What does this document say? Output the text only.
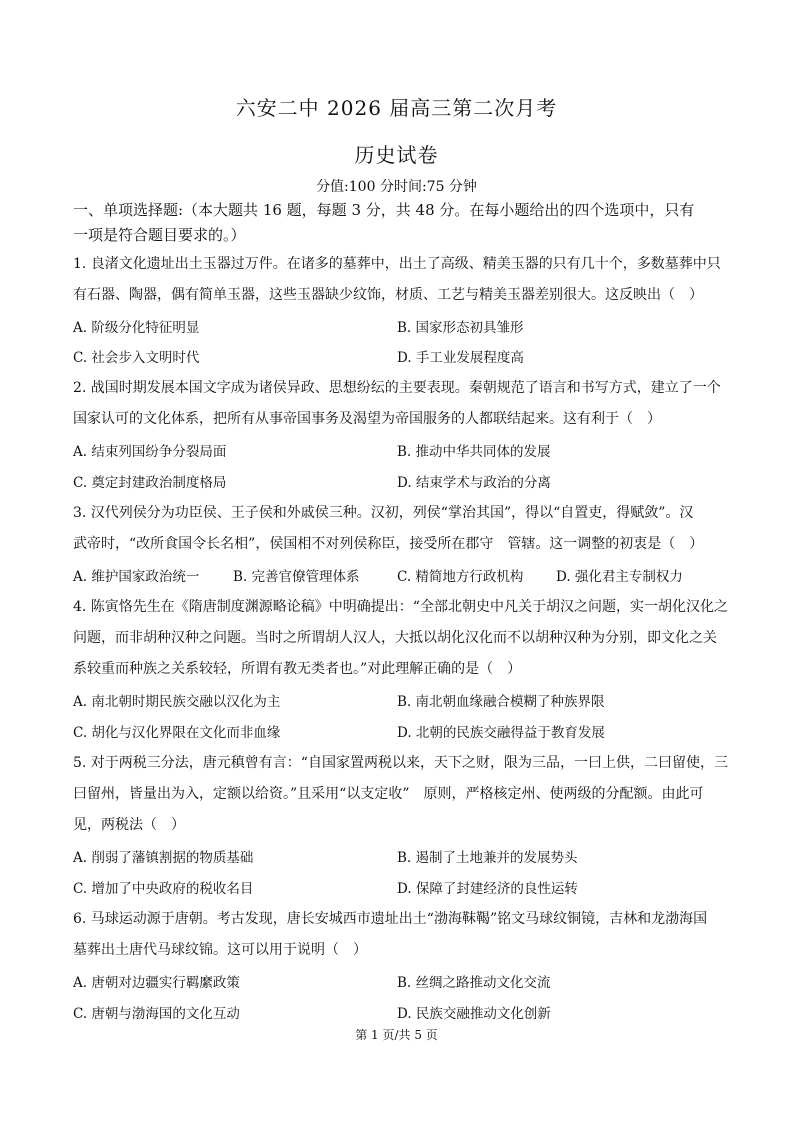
六安二中 2026 届高三第二次月考
历史试卷
分值:100 分时间:75 分钟
一、单项选择题:（本大题共 16 题，每题 3 分，共 48 分。在每小题给出的四个选项中，只有
一项是符合题目要求的。）
1. 良渚文化遗址出土玉器过万件。在诸多的墓葬中，出土了高级、精美玉器的只有几十个，多数墓葬中只
有石器、陶器，偶有简单玉器，这些玉器缺少纹饰，材质、工艺与精美玉器差别很大。这反映出（　）
A. 阶级分化特征明显	B. 国家形态初具雏形
C. 社会步入文明时代	D. 手工业发展程度高
2. 战国时期发展本国文字成为诸侯异政、思想纷纭的主要表现。秦朝规范了语言和书写方式，建立了一个
国家认可的文化体系，把所有从事帝国事务及渴望为帝国服务的人都联结起来。这有利于（　）
A. 结束列国纷争分裂局面	B. 推动中华共同体的发展
C. 奠定封建政治制度格局	D. 结束学术与政治的分离
3. 汉代列侯分为功臣侯、王子侯和外戚侯三种。汉初，列侯“掌治其国”，得以“自置吏，得赋敛”。汉
武帝时，“改所食国令长名相”，侯国相不对列侯称臣，接受所在郡守　管辖。这一调整的初衷是（　）
A. 维护国家政治统一 B. 完善官僚管理体系	C. 精简地方行政机构 D. 强化君主专制权力
4. 陈寅恪先生在《隋唐制度渊源略论稿》中明确提出：“全部北朝史中凡关于胡汉之问题，实一胡化汉化之
问题，而非胡种汉种之问题。当时之所谓胡人汉人，大抵以胡化汉化而不以胡种汉种为分别，即文化之关
系较重而种族之关系较轻，所谓有教无类者也。”对此理解正确的是（　）
A. 南北朝时期民族交融以汉化为主	B. 南北朝血缘融合模糊了种族界限
C. 胡化与汉化界限在文化而非血缘	D. 北朝的民族交融得益于教育发展
5. 对于两税三分法，唐元稹曾有言：“自国家置两税以来，天下之财，限为三品，一曰上供，二曰留使，三
曰留州，皆量出为入，定额以给资。”且采用“以支定收”　原则，严格核定州、使两级的分配额。由此可
见，两税法（　）
A. 削弱了藩镇割据的物质基础	B. 遏制了土地兼并的发展势头
C. 增加了中央政府的税收名目	D. 保障了封建经济的良性运转
6. 马球运动源于唐朝。考古发现，唐长安城西市遗址出土“渤海靺鞨”铭文马球纹铜镜，吉林和龙渤海国
墓葬出土唐代马球纹锦。这可以用于说明（　）
A. 唐朝对边疆实行羁縻政策	B. 丝绸之路推动文化交流
C. 唐朝与渤海国的文化互动	D. 民族交融推动文化创新
第 1 页/共 5 页
